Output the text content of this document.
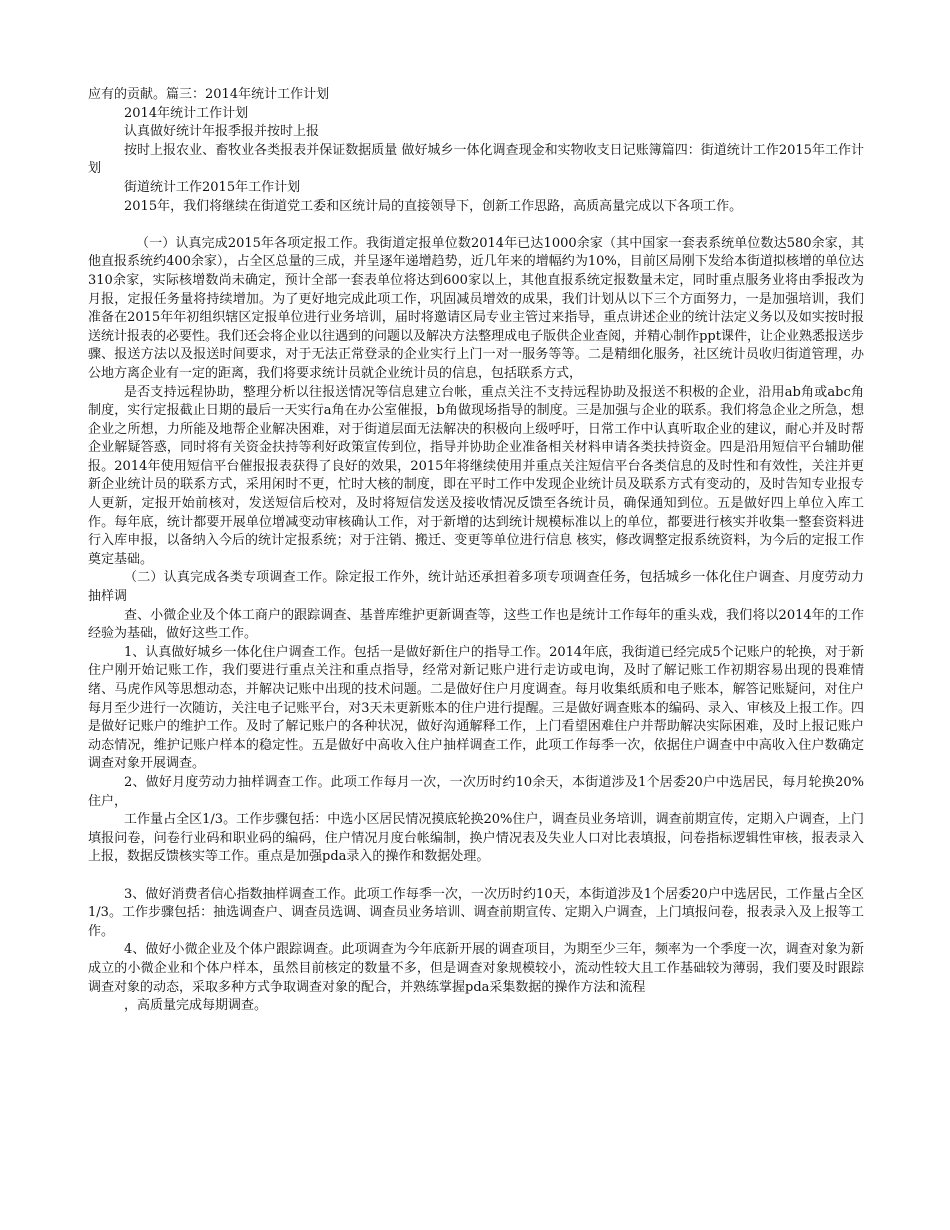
应有的贡献。篇三：2014年统计工作计划

2014年统计工作计划

认真做好统计年报季报并按时上报

按时上报农业、畜牧业各类报表并保证数据质量 做好城乡一体化调查现金和实物收支日记账簿篇四：街道统计工作2015年工作计划

街道统计工作2015年工作计划

2015年，我们将继续在街道党工委和区统计局的直接领导下，创新工作思路，高质高量完成以下各项工作。

（一）认真完成2015年各项定报工作。我街道定报单位数2014年已达1000余家（其中国家一套表系统单位数达580余家，其他直报系统约400余家），占全区总量的三成，并呈逐年递增趋势，近几年来的增幅约为10%，目前区局刚下发给本街道拟核增的单位达310余家，实际核增数尚未确定，预计全部一套表单位将达到600家以上，其他直报系统定报数量未定，同时重点服务业将由季报改为月报，定报任务量将持续增加。为了更好地完成此项工作，巩固减员增效的成果，我们计划从以下三个方面努力，一是加强培训，我们准备在2015年年初组织辖区定报单位进行业务培训，届时将邀请区局专业主管过来指导，重点讲述企业的统计法定义务以及如实按时报送统计报表的必要性。我们还会将企业以往遇到的问题以及解决方法整理成电子版供企业查阅，并精心制作ppt课件，让企业熟悉报送步骤、报送方法以及报送时间要求，对于无法正常登录的企业实行上门一对一服务等等。二是精细化服务，社区统计员收归街道管理，办公地方离企业有一定的距离，我们将要求统计员就企业统计员的信息，包括联系方式，

是否支持远程协助，整理分析以往报送情况等信息建立台帐，重点关注不支持远程协助及报送不积极的企业，沿用ab角或abc角制度，实行定报截止日期的最后一天实行a角在办公室催报，b角做现场指导的制度。三是加强与企业的联系。我们将急企业之所急，想企业之所想，力所能及地帮企业解决困难，对于街道层面无法解决的积极向上级呼吁，日常工作中认真听取企业的建议，耐心并及时帮企业解疑答惑，同时将有关资金扶持等利好政策宣传到位，指导并协助企业准备相关材料申请各类扶持资金。四是沿用短信平台辅助催报。2014年使用短信平台催报报表获得了良好的效果，2015年将继续使用并重点关注短信平台各类信息的及时性和有效性，关注并更新企业统计员的联系方式，采用闲时不更，忙时大核的制度，即在平时工作中发现企业统计员及联系方式有变动的，及时告知专业报专人更新，定报开始前核对，发送短信后校对，及时将短信发送及接收情况反馈至各统计员，确保通知到位。五是做好四上单位入库工作。每年底，统计都要开展单位增减变动审核确认工作，对于新增的达到统计规模标准以上的单位，都要进行核实并收集一整套资料进行入库申报，以备纳入今后的统计定报系统；对于注销、搬迁、变更等单位进行信息 核实，修改调整定报系统资料，为今后的定报工作奠定基础。

（二）认真完成各类专项调查工作。除定报工作外，统计站还承担着多项专项调查任务，包括城乡一体化住户调查、月度劳动力抽样调

查、小微企业及个体工商户的跟踪调查、基普库维护更新调查等，这些工作也是统计工作每年的重头戏，我们将以2014年的工作经验为基础，做好这些工作。

1、认真做好城乡一体化住户调查工作。包括一是做好新住户的指导工作。2014年底，我街道已经完成5个记账户的轮换，对于新住户刚开始记账工作，我们要进行重点关注和重点指导，经常对新记账户进行走访或电询，及时了解记账工作初期容易出现的畏难情绪、马虎作风等思想动态，并解决记账中出现的技术问题。二是做好住户月度调查。每月收集纸质和电子账本，解答记账疑问，对住户每月至少进行一次随访，关注电子记账平台，对3天未更新账本的住户进行提醒。三是做好调查账本的编码、录入、审核及上报工作。四是做好记账户的维护工作。及时了解记账户的各种状况，做好沟通解释工作，上门看望困难住户并帮助解决实际困难，及时上报记账户动态情况，维护记账户样本的稳定性。五是做好中高收入住户抽样调查工作，此项工作每季一次，依据住户调查中中高收入住户数确定调查对象开展调查。

2、做好月度劳动力抽样调查工作。此项工作每月一次，一次历时约10余天，本街道涉及1个居委20户中选居民，每月轮换20%住户，

工作量占全区1/3。工作步骤包括：中选小区居民情况摸底轮换20%住户，调查员业务培训，调查前期宣传，定期入户调查，上门填报问卷，问卷行业码和职业码的编码，住户情况月度台帐编制，换户情况表及失业人口对比表填报，问卷指标逻辑性审核，报表录入上报，数据反馈核实等工作。重点是加强pda录入的操作和数据处理。

3、做好消费者信心指数抽样调查工作。此项工作每季一次，一次历时约10天，本街道涉及1个居委20户中选居民，工作量占全区1/3。工作步骤包括：抽选调查户、调查员选调、调查员业务培训、调查前期宣传、定期入户调查，上门填报问卷，报表录入及上报等工作。

4、做好小微企业及个体户跟踪调查。此项调查为今年底新开展的调查项目，为期至少三年，频率为一个季度一次，调查对象为新成立的小微企业和个体户样本，虽然目前核定的数量不多，但是调查对象规模较小，流动性较大且工作基础较为薄弱，我们要及时跟踪调查对象的动态，采取多种方式争取调查对象的配合，并熟练掌握pda采集数据的操作方法和流程

，高质量完成每期调查。
